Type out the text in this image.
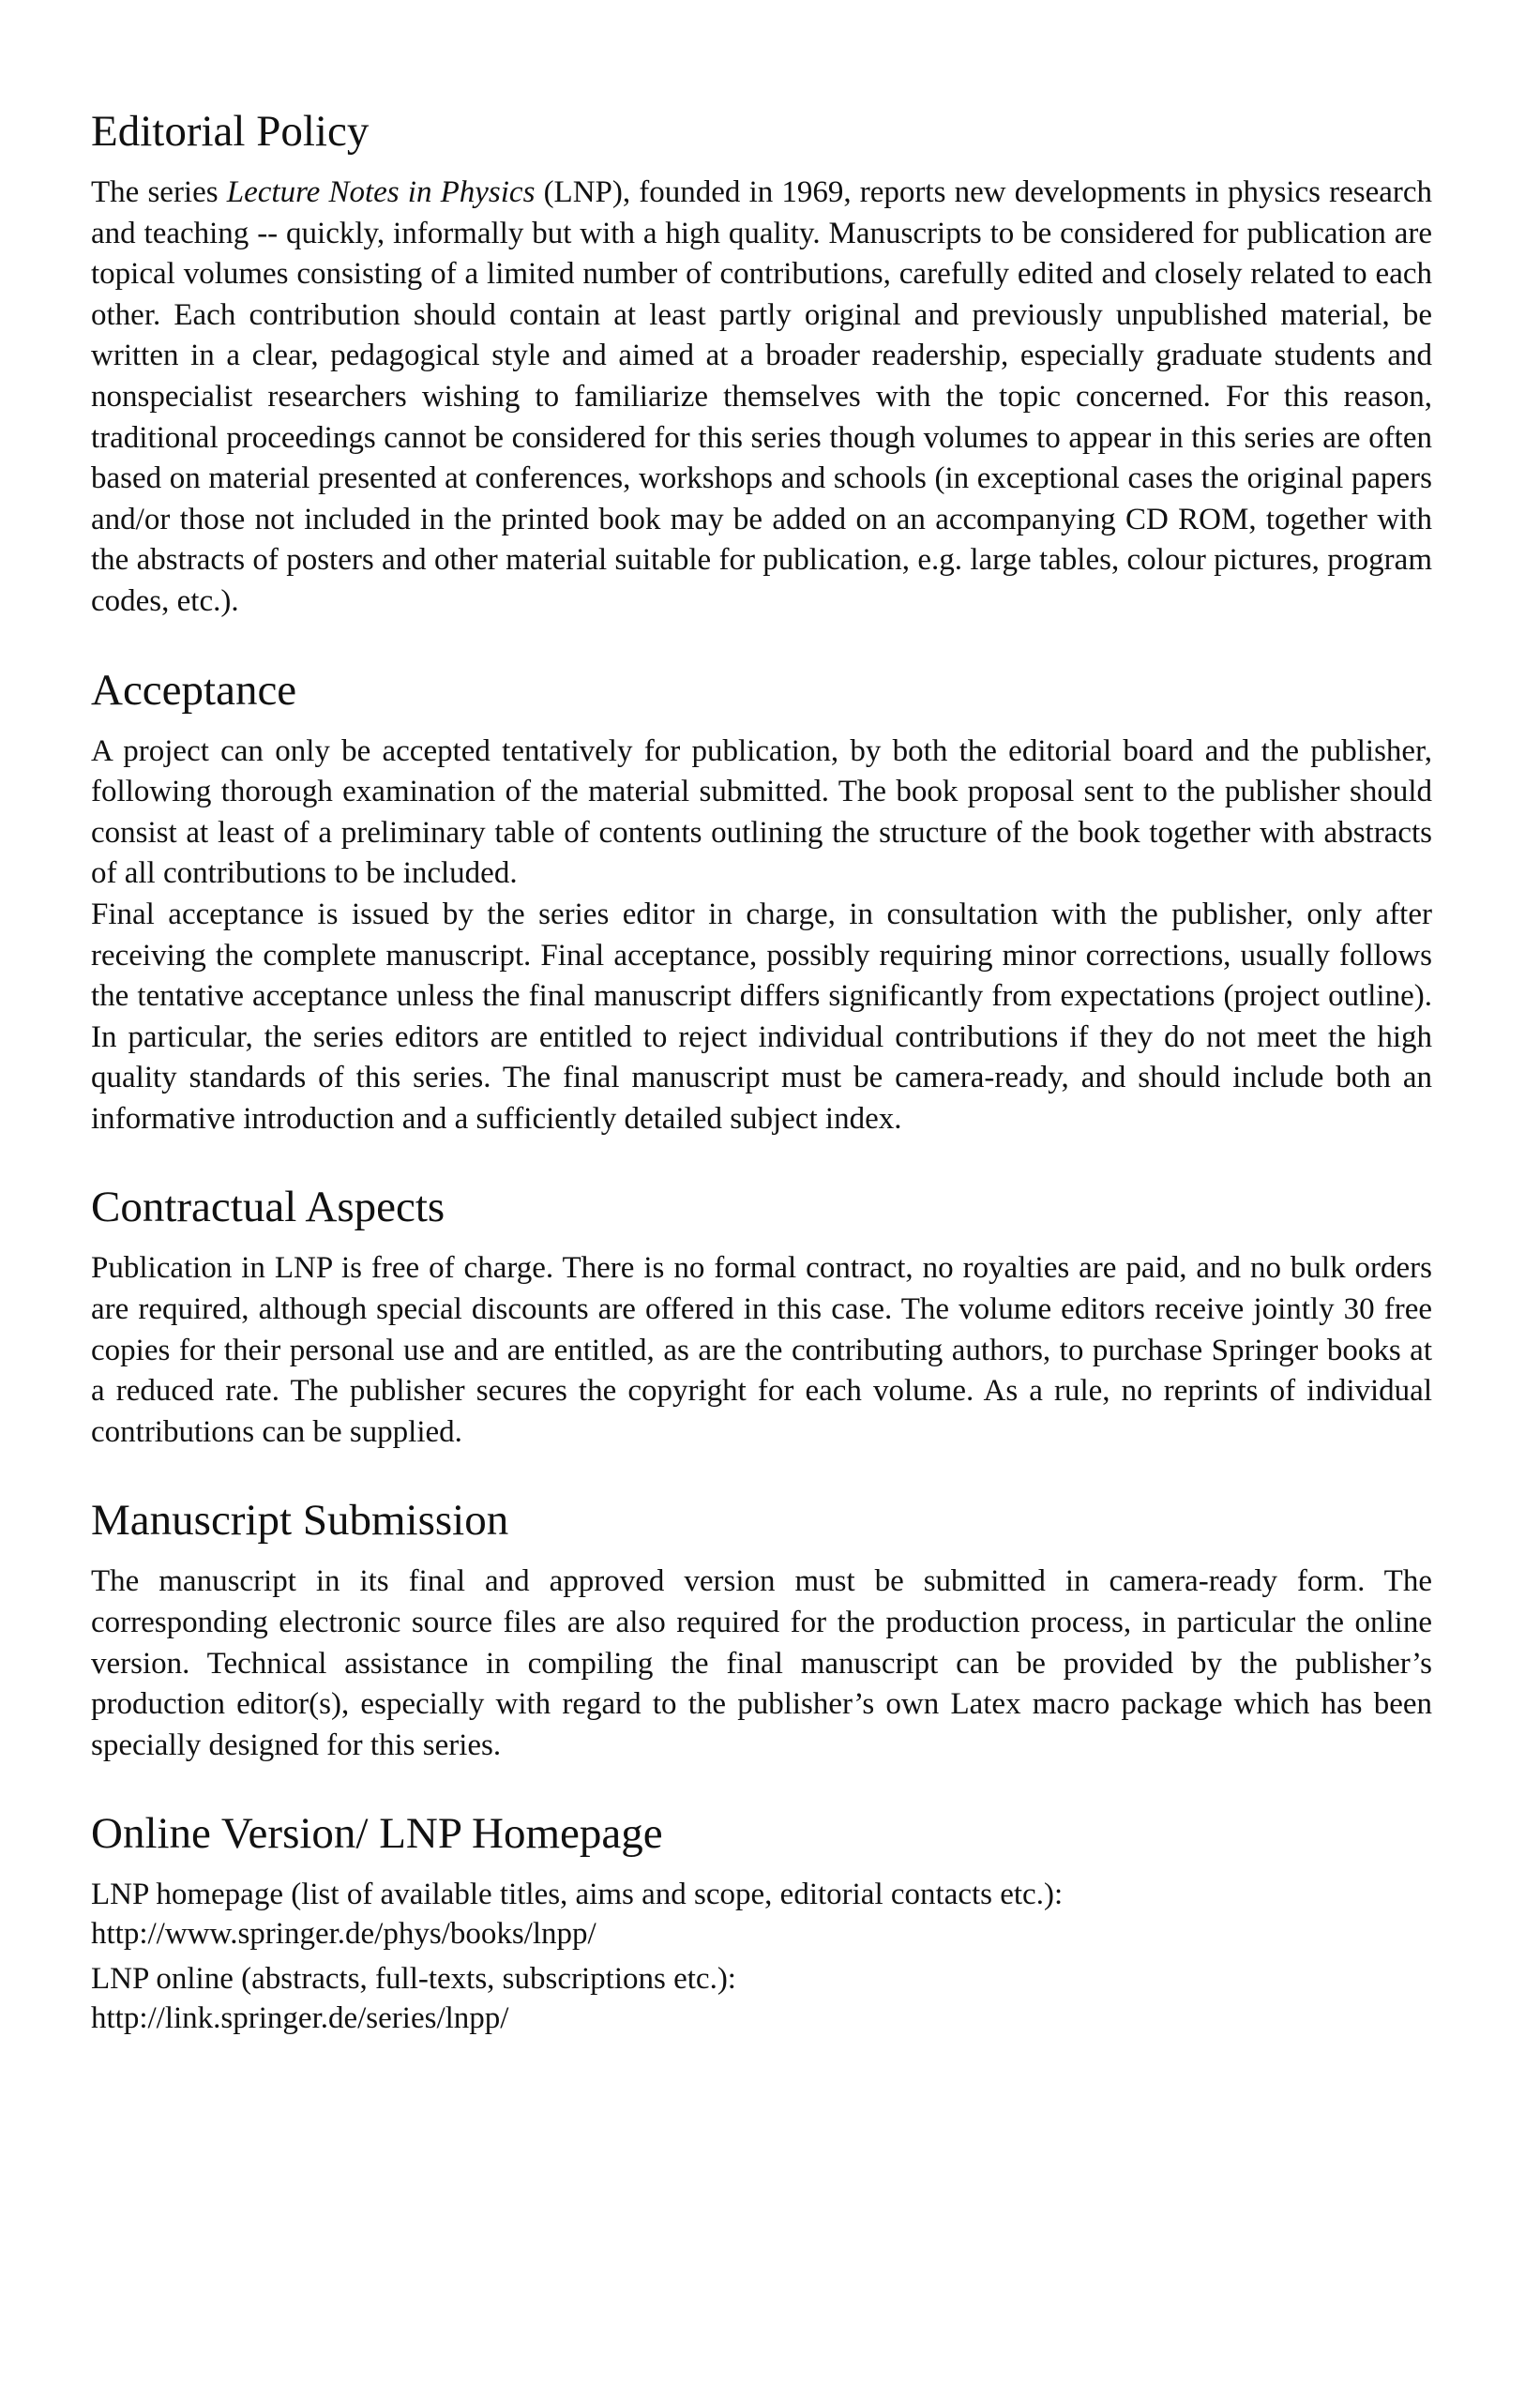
Editorial Policy

The series Lecture Notes in Physics (LNP), founded in 1969, reports new developments in physics research and teaching -- quickly, informally but with a high quality. Manuscripts to be considered for publication are topical volumes consisting of a limited number of contributions, carefully edited and closely related to each other. Each contribution should contain at least partly original and previously unpublished material, be written in a clear, pedagogical style and aimed at a broader readership, especially graduate students and nonspecialist researchers wishing to familiarize themselves with the topic concerned. For this reason, traditional proceedings cannot be considered for this series though volumes to appear in this series are often based on material presented at conferences, workshops and schools (in exceptional cases the original papers and/or those not included in the printed book may be added on an accompanying CD ROM, together with the abstracts of posters and other material suitable for publication, e.g. large tables, colour pictures, program codes, etc.).

Acceptance

A project can only be accepted tentatively for publication, by both the editorial board and the publisher, following thorough examination of the material submitted. The book proposal sent to the publisher should consist at least of a preliminary table of contents outlining the structure of the book together with abstracts of all contributions to be included.

Final acceptance is issued by the series editor in charge, in consultation with the publisher, only after receiving the complete manuscript. Final acceptance, possibly requiring minor corrections, usually follows the tentative acceptance unless the final manuscript differs significantly from expectations (project outline). In particular, the series editors are entitled to reject individual contributions if they do not meet the high quality standards of this series. The final manuscript must be camera-ready, and should include both an informative introduction and a sufficiently detailed subject index.

Contractual Aspects

Publication in LNP is free of charge. There is no formal contract, no royalties are paid, and no bulk orders are required, although special discounts are offered in this case. The volume editors receive jointly 30 free copies for their personal use and are entitled, as are the contributing authors, to purchase Springer books at a reduced rate. The publisher secures the copyright for each volume. As a rule, no reprints of individual contributions can be supplied.

Manuscript Submission

The manuscript in its final and approved version must be submitted in camera-ready form. The corresponding electronic source files are also required for the production process, in particular the online version. Technical assistance in compiling the final manuscript can be provided by the publisher’s production editor(s), especially with regard to the publisher’s own Latex macro package which has been specially designed for this series.

Online Version/ LNP Homepage

LNP homepage (list of available titles, aims and scope, editorial contacts etc.):

http://www.springer.de/phys/books/lnpp/

LNP online (abstracts, full-texts, subscriptions etc.):

http://link.springer.de/series/lnpp/
